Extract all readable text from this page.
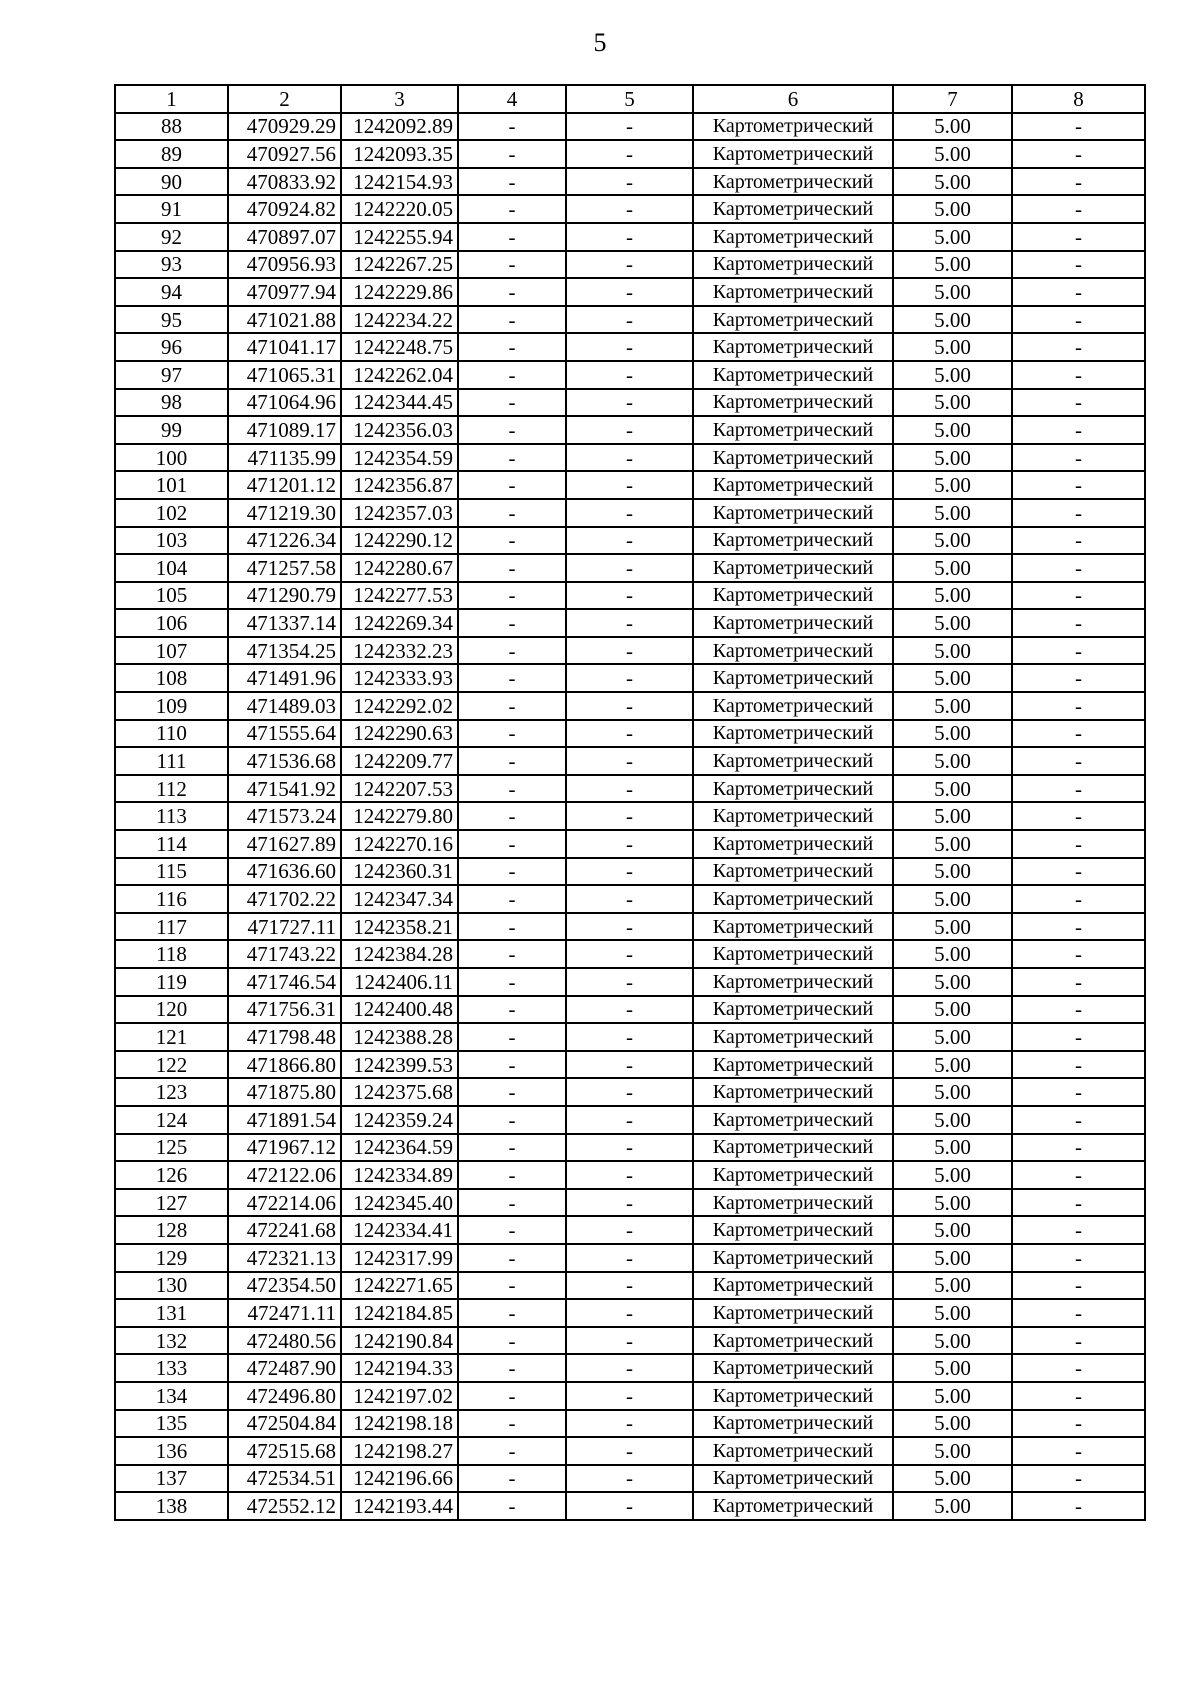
5
1	2	3	4	5	6	7	8
88	470929.29	1242092.89	-	-	Картометрический	5.00	-
89	470927.56	1242093.35	-	-	Картометрический	5.00	-
90	470833.92	1242154.93	-	-	Картометрический	5.00	-
91	470924.82	1242220.05	-	-	Картометрический	5.00	-
92	470897.07	1242255.94	-	-	Картометрический	5.00	-
93	470956.93	1242267.25	-	-	Картометрический	5.00	-
94	470977.94	1242229.86	-	-	Картометрический	5.00	-
95	471021.88	1242234.22	-	-	Картометрический	5.00	-
96	471041.17	1242248.75	-	-	Картометрический	5.00	-
97	471065.31	1242262.04	-	-	Картометрический	5.00	-
98	471064.96	1242344.45	-	-	Картометрический	5.00	-
99	471089.17	1242356.03	-	-	Картометрический	5.00	-
100	471135.99	1242354.59	-	-	Картометрический	5.00	-
101	471201.12	1242356.87	-	-	Картометрический	5.00	-
102	471219.30	1242357.03	-	-	Картометрический	5.00	-
103	471226.34	1242290.12	-	-	Картометрический	5.00	-
104	471257.58	1242280.67	-	-	Картометрический	5.00	-
105	471290.79	1242277.53	-	-	Картометрический	5.00	-
106	471337.14	1242269.34	-	-	Картометрический	5.00	-
107	471354.25	1242332.23	-	-	Картометрический	5.00	-
108	471491.96	1242333.93	-	-	Картометрический	5.00	-
109	471489.03	1242292.02	-	-	Картометрический	5.00	-
110	471555.64	1242290.63	-	-	Картометрический	5.00	-
111	471536.68	1242209.77	-	-	Картометрический	5.00	-
112	471541.92	1242207.53	-	-	Картометрический	5.00	-
113	471573.24	1242279.80	-	-	Картометрический	5.00	-
114	471627.89	1242270.16	-	-	Картометрический	5.00	-
115	471636.60	1242360.31	-	-	Картометрический	5.00	-
116	471702.22	1242347.34	-	-	Картометрический	5.00	-
117	471727.11	1242358.21	-	-	Картометрический	5.00	-
118	471743.22	1242384.28	-	-	Картометрический	5.00	-
119	471746.54	1242406.11	-	-	Картометрический	5.00	-
120	471756.31	1242400.48	-	-	Картометрический	5.00	-
121	471798.48	1242388.28	-	-	Картометрический	5.00	-
122	471866.80	1242399.53	-	-	Картометрический	5.00	-
123	471875.80	1242375.68	-	-	Картометрический	5.00	-
124	471891.54	1242359.24	-	-	Картометрический	5.00	-
125	471967.12	1242364.59	-	-	Картометрический	5.00	-
126	472122.06	1242334.89	-	-	Картометрический	5.00	-
127	472214.06	1242345.40	-	-	Картометрический	5.00	-
128	472241.68	1242334.41	-	-	Картометрический	5.00	-
129	472321.13	1242317.99	-	-	Картометрический	5.00	-
130	472354.50	1242271.65	-	-	Картометрический	5.00	-
131	472471.11	1242184.85	-	-	Картометрический	5.00	-
132	472480.56	1242190.84	-	-	Картометрический	5.00	-
133	472487.90	1242194.33	-	-	Картометрический	5.00	-
134	472496.80	1242197.02	-	-	Картометрический	5.00	-
135	472504.84	1242198.18	-	-	Картометрический	5.00	-
136	472515.68	1242198.27	-	-	Картометрический	5.00	-
137	472534.51	1242196.66	-	-	Картометрический	5.00	-
138	472552.12	1242193.44	-	-	Картометрический	5.00	-
